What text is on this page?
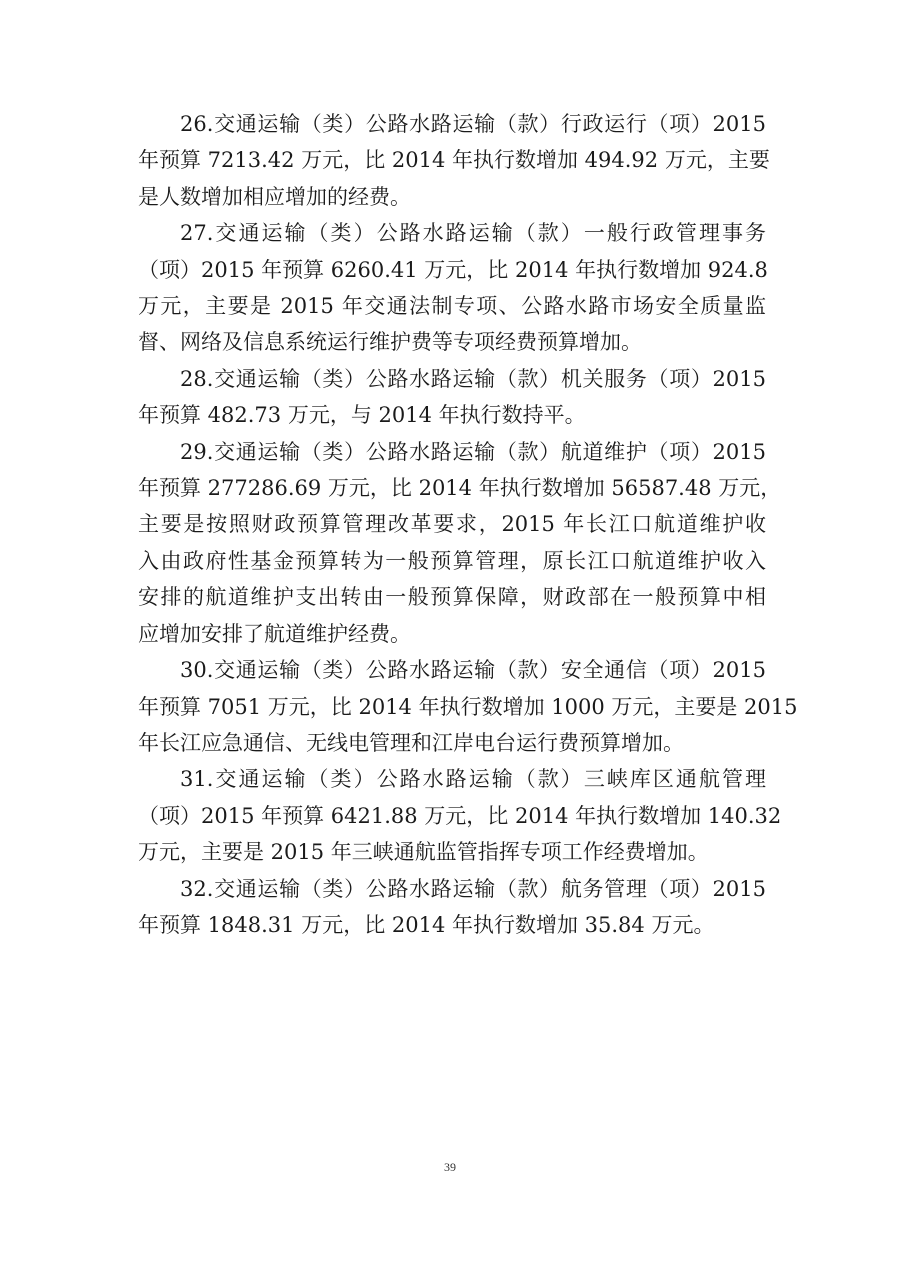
26.交通运输（类）公路水路运输（款）行政运行（项）2015
年预算 7213.42 万元，比 2014 年执行数增加 494.92 万元，主要
是人数增加相应增加的经费。

27.交通运输（类）公路水路运输（款）一般行政管理事务
（项）2015 年预算 6260.41 万元，比 2014 年执行数增加 924.8
万元，主要是 2015 年交通法制专项、公路水路市场安全质量监
督、网络及信息系统运行维护费等专项经费预算增加。

28.交通运输（类）公路水路运输（款）机关服务（项）2015
年预算 482.73 万元，与 2014 年执行数持平。

29.交通运输（类）公路水路运输（款）航道维护（项）2015
年预算 277286.69 万元，比 2014 年执行数增加 56587.48 万元，
主要是按照财政预算管理改革要求，2015 年长江口航道维护收
入由政府性基金预算转为一般预算管理，原长江口航道维护收入
安排的航道维护支出转由一般预算保障，财政部在一般预算中相
应增加安排了航道维护经费。

30.交通运输（类）公路水路运输（款）安全通信（项）2015
年预算 7051 万元，比 2014 年执行数增加 1000 万元，主要是 2015
年长江应急通信、无线电管理和江岸电台运行费预算增加。

31.交通运输（类）公路水路运输（款）三峡库区通航管理
（项）2015 年预算 6421.88 万元，比 2014 年执行数增加 140.32
万元，主要是 2015 年三峡通航监管指挥专项工作经费增加。

32.交通运输（类）公路水路运输（款）航务管理（项）2015
年预算 1848.31 万元，比 2014 年执行数增加 35.84 万元。

39
